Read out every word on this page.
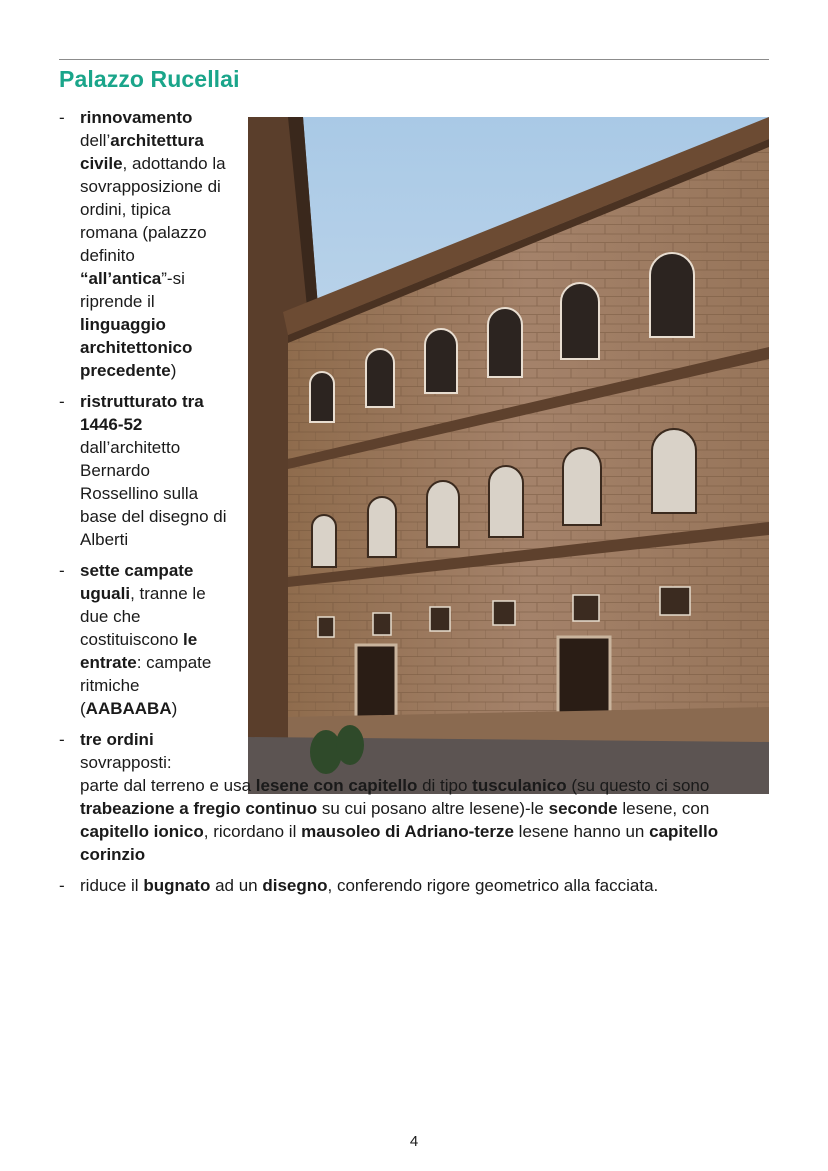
Palazzo Rucellai
- rinnovamento dell’architettura civile, adottando la sovrapposizione di ordini, tipica romana (palazzo definito “all’antica”-si riprende il linguaggio architettonico precedente)
- ristrutturato tra 1446-52 dall’architetto Bernardo Rossellino sulla base del disegno di Alberti
- sette campate uguali, tranne le due che costituiscono le entrate: campate ritmiche (AABAABA)
- tre ordini sovrapposti:
parte dal terreno e usa lesene con capitello di tipo tusculanico (su questo ci sono trabeazione a fregio continuo su cui posano altre lesene)-le seconde lesene, con capitello ionico, ricordano il mausoleo di Adriano-terze lesene hanno un capitello corinzio
- riduce il bugnato ad un disegno, conferendo rigore geometrico alla facciata.
4
